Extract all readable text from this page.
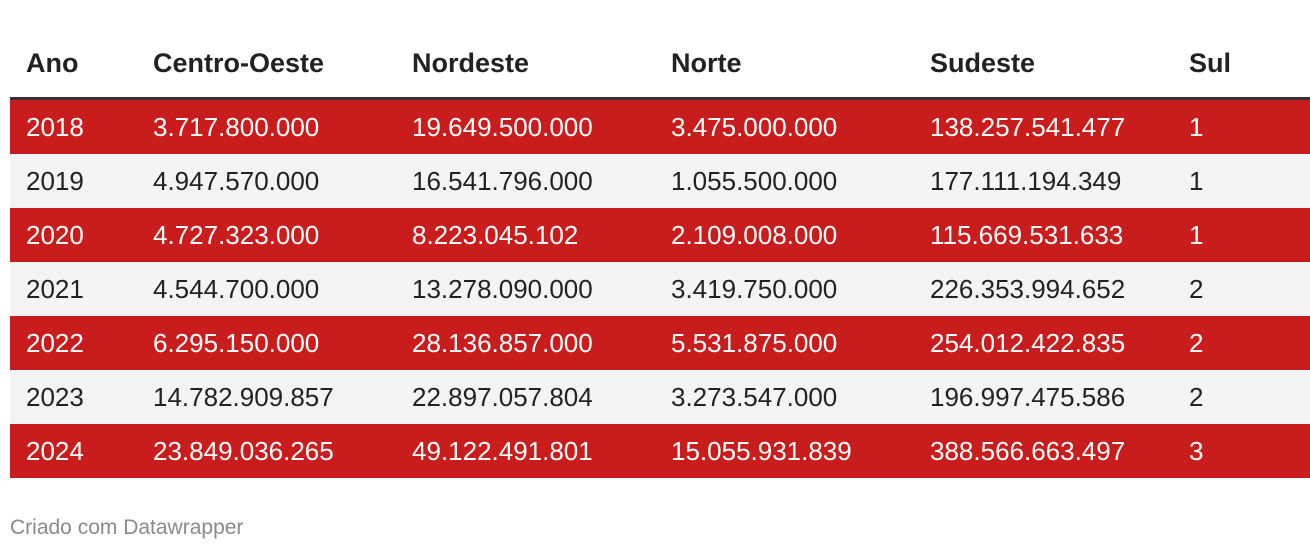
Ano	Centro-Oeste	Nordeste	Norte	Sudeste	Sul
2018	3.717.800.000	19.649.500.000	3.475.000.000	138.257.541.477	1
2019	4.947.570.000	16.541.796.000	1.055.500.000	177.111.194.349	1
2020	4.727.323.000	8.223.045.102	2.109.008.000	115.669.531.633	1
2021	4.544.700.000	13.278.090.000	3.419.750.000	226.353.994.652	2
2022	6.295.150.000	28.136.857.000	5.531.875.000	254.012.422.835	2
2023	14.782.909.857	22.897.057.804	3.273.547.000	196.997.475.586	2
2024	23.849.036.265	49.122.491.801	15.055.931.839	388.566.663.497	3
Criado com Datawrapper
